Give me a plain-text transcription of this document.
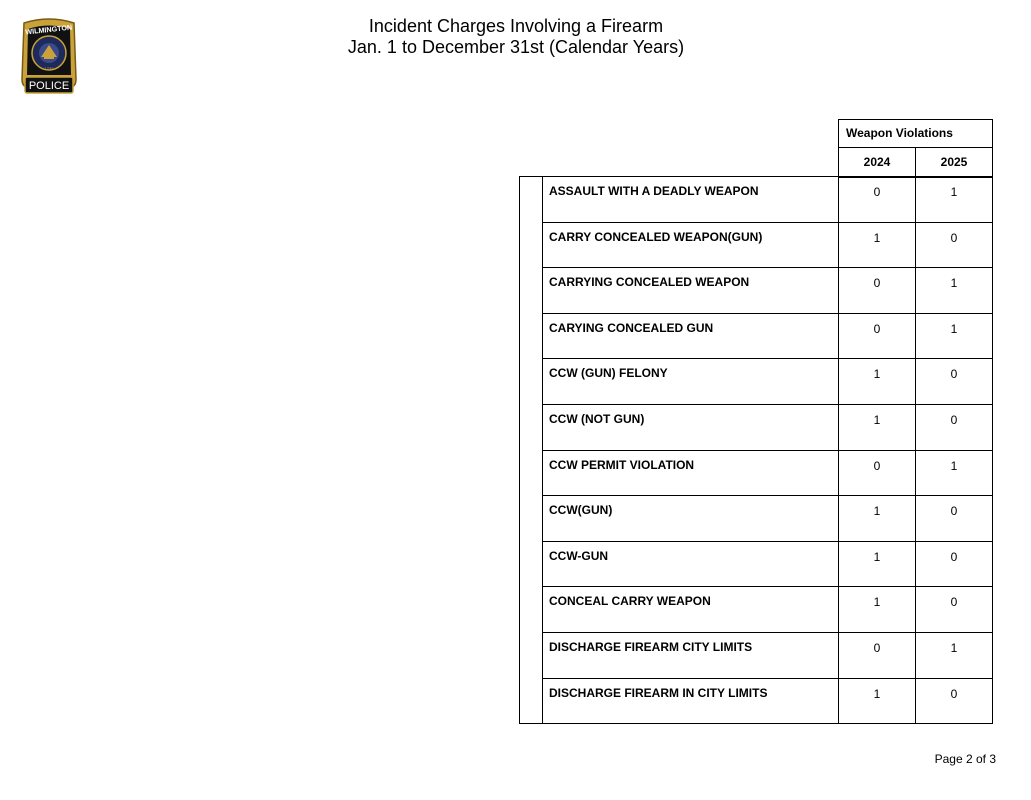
WILMINGTON
1739
POLICE
Incident Charges Involving a Firearm
Jan. 1 to December 31st (Calendar Years)
Weapon Violations
2024	2025
	ASSAULT WITH A DEADLY WEAPON	0	1
	CARRY CONCEALED WEAPON(GUN)	1	0
	CARRYING CONCEALED WEAPON	0	1
	CARYING CONCEALED GUN	0	1
	CCW (GUN) FELONY	1	0
	CCW (NOT GUN)	1	0
	CCW PERMIT VIOLATION	0	1
	CCW(GUN)	1	0
	CCW-GUN	1	0
	CONCEAL CARRY WEAPON	1	0
	DISCHARGE FIREARM CITY LIMITS	0	1
	DISCHARGE FIREARM IN CITY LIMITS	1	0
Page 2 of 3
